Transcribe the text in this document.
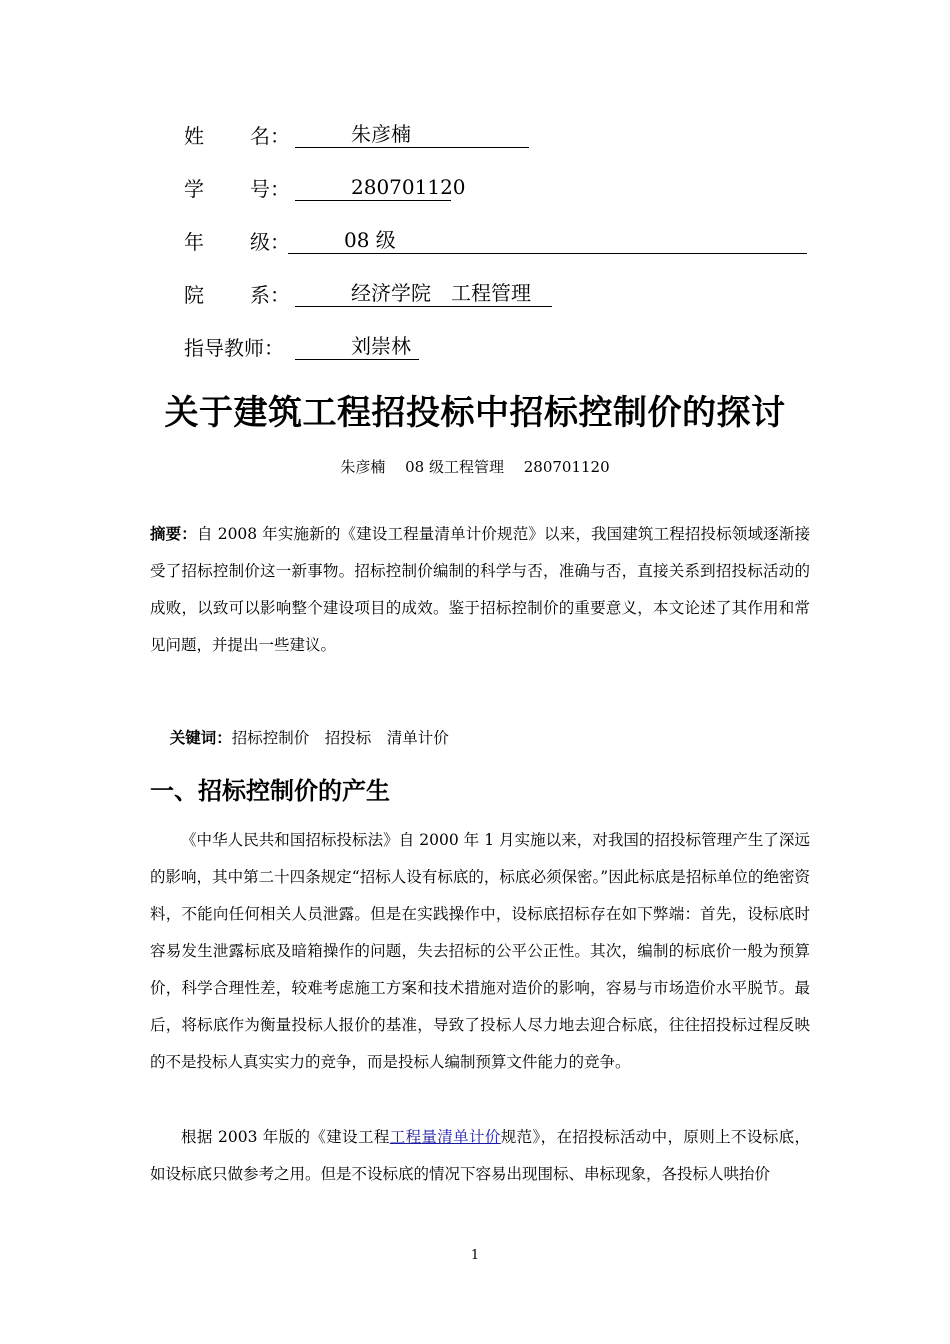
姓 名：	朱彦楠
学 号：	280701120
年 级：	08 级
院 系：	经济学院　工程管理
指导教师：	刘崇林
关于建筑工程招投标中招标控制价的探讨
朱彦楠　 08 级工程管理　 280701120
摘要：自 2008 年实施新的《建设工程量清单计价规范》以来，我国建筑工程招投标领域逐渐接受了招标控制价这一新事物。招标控制价编制的科学与否，准确与否，直接关系到招投标活动的成败，以致可以影响整个建设项目的成效。鉴于招标控制价的重要意义，本文论述了其作用和常见问题，并提出一些建议。

关键词：招标控制价　招投标　清单计价

一、招标控制价的产生
《中华人民共和国招标投标法》自 2000 年 1 月实施以来，对我国的招投标管理产生了深远的影响，其中第二十四条规定“招标人设有标底的，标底必须保密。”因此标底是招标单位的绝密资料，不能向任何相关人员泄露。但是在实践操作中，设标底招标存在如下弊端：首先，设标底时容易发生泄露标底及暗箱操作的问题，失去招标的公平公正性。其次，编制的标底价一般为预算价，科学合理性差，较难考虑施工方案和技术措施对造价的影响，容易与市场造价水平脱节。最后，将标底作为衡量投标人报价的基准，导致了投标人尽力地去迎合标底，往往招投标过程反映的不是投标人真实实力的竞争，而是投标人编制预算文件能力的竞争。
根据 2003 年版的《建设工程工程量清单计价规范》，在招投标活动中，原则上不设标底，如设标底只做参考之用。但是不设标底的情况下容易出现围标、串标现象，各投标人哄抬价
1
